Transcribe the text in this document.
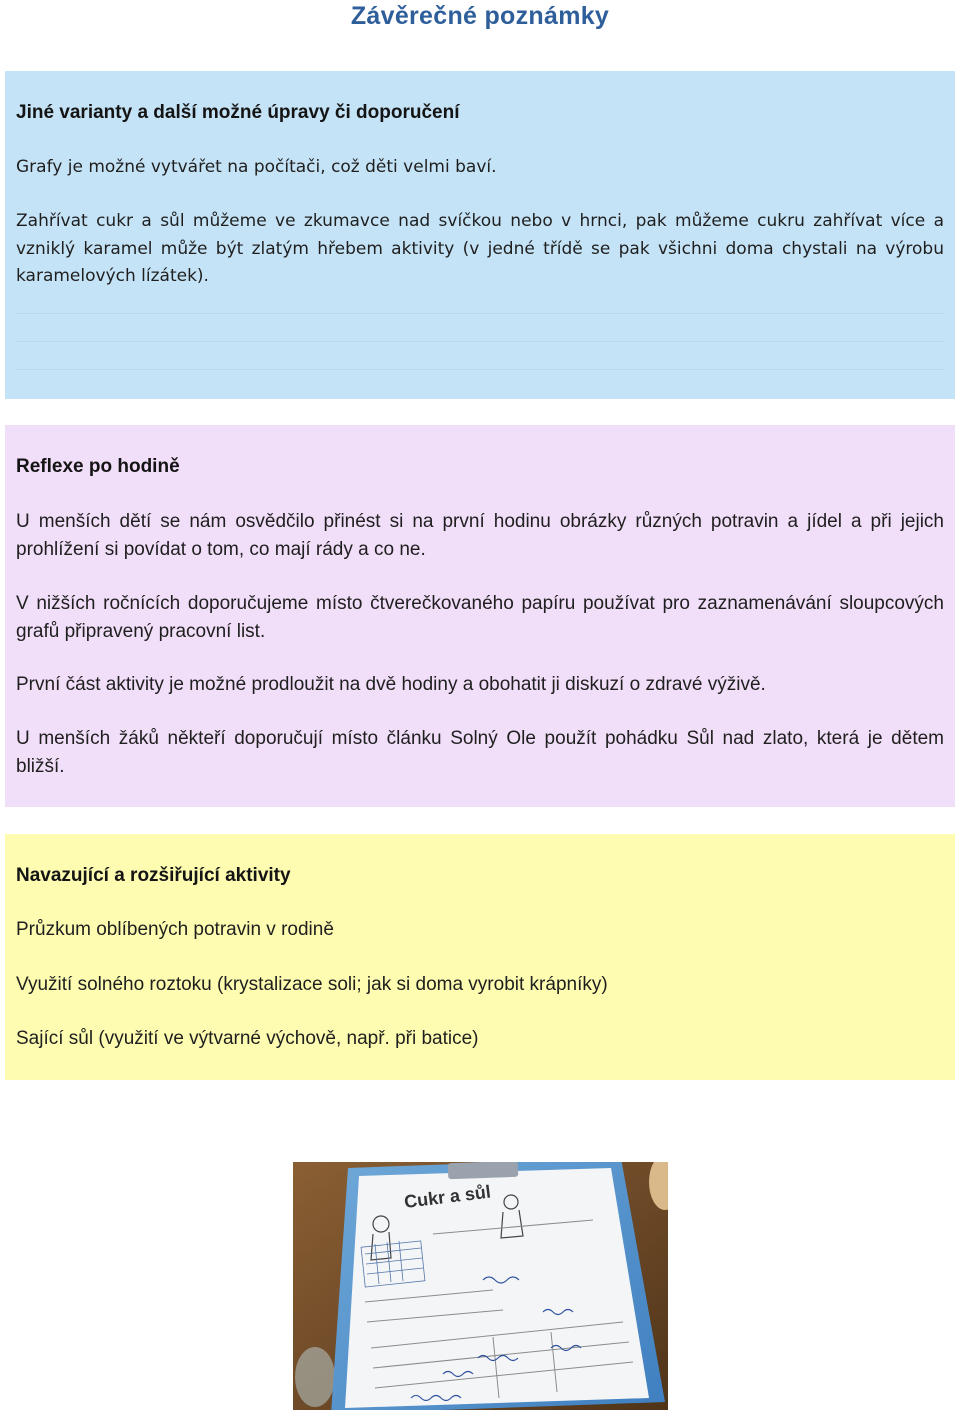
Závěrečné poznámky
Jiné varianty a další možné úpravy či doporučení

Grafy je možné vytvářet na počítači, což děti velmi baví.

Zahřívat cukr a sůl můžeme ve zkumavce nad svíčkou nebo v hrnci, pak můžeme cukru zahřívat více a vzniklý karamel může být zlatým hřebem aktivity (v jedné třídě se pak všichni doma chystali na výrobu karamelových lízátek).

Reflexe po hodině

U menších dětí se nám osvědčilo přinést si na první hodinu obrázky různých potravin a jídel a při jejich prohlížení si povídat o tom, co mají rády a co ne.

V nižších ročnících doporučujeme místo čtverečkovaného papíru používat pro zaznamenávání sloupcových grafů připravený pracovní list.

První část aktivity je možné prodloužit na dvě hodiny a obohatit ji diskuzí o zdravé výživě.

U menších žáků někteří doporučují místo článku Solný Ole použít pohádku Sůl nad zlato, která je dětem bližší.

Navazující a rozšiřující aktivity

Průzkum oblíbených potravin v rodině

Využití solného roztoku (krystalizace soli; jak si doma vyrobit krápníky)

Sající sůl (využití ve výtvarné výchově, např. při batice)

Cukr a sůl
